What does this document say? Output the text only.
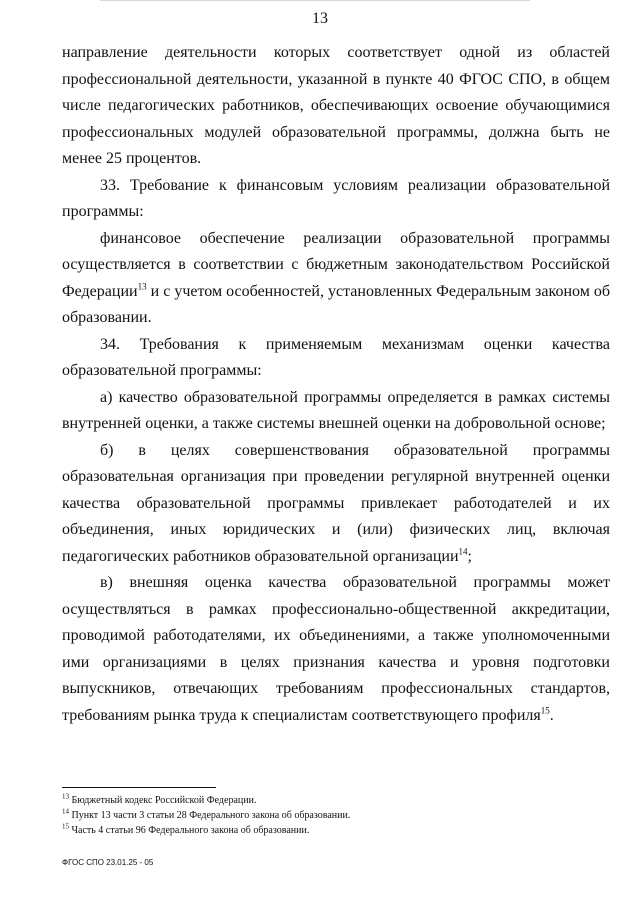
13

направление деятельности которых соответствует одной из областей профессиональной деятельности, указанной в пункте 40 ФГОС СПО, в общем числе педагогических работников, обеспечивающих освоение обучающимися профессиональных модулей образовательной программы, должна быть не менее 25 процентов.

33. Требование к финансовым условиям реализации образовательной программы:

финансовое обеспечение реализации образовательной программы осуществляется в соответствии с бюджетным законодательством Российской Федерации$^{13}$ и с учетом особенностей, установленных Федеральным законом об образовании.

34. Требования к применяемым механизмам оценки качества образовательной программы:

а) качество образовательной программы определяется в рамках системы внутренней оценки, а также системы внешней оценки на добровольной основе;

б) в целях совершенствования образовательной программы образовательная организация при проведении регулярной внутренней оценки качества образовательной программы привлекает работодателей и их объединения, иных юридических и (или) физических лиц, включая педагогических работников образовательной организации$^{14}$;

в) внешняя оценка качества образовательной программы может осуществляться в рамках профессионально-общественной аккредитации, проводимой работодателями, их объединениями, а также уполномоченными ими организациями в целях признания качества и уровня подготовки выпускников, отвечающих требованиям профессиональных стандартов, требованиям рынка труда к специалистам соответствующего профиля$^{15}$.

$^{13}$ Бюджетный кодекс Российской Федерации.

$^{14}$ Пункт 13 части 3 статьи 28 Федерального закона об образовании.

$^{15}$ Часть 4 статьи 96 Федерального закона об образовании.

ФГОС СПО 23.01.25 - 05
